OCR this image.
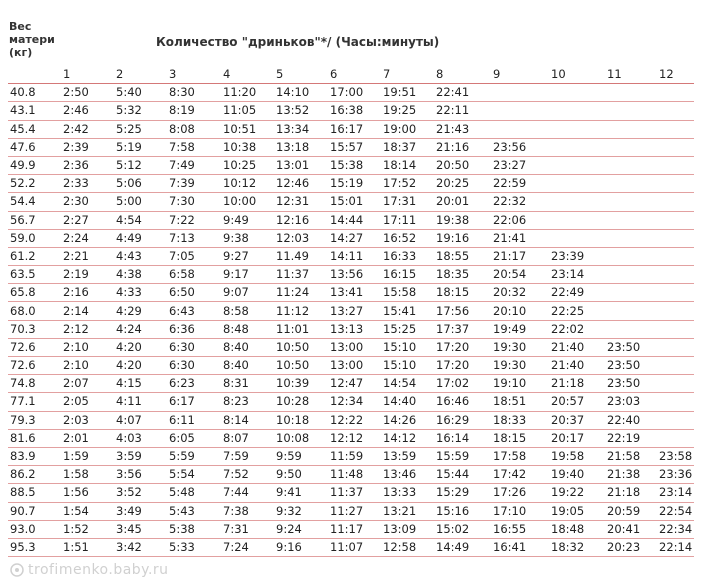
Вес
матери
(кг)
Количество "дриньков"*/ (Часы:минуты)
	1	2	3	4	5	6	7	8	9	10	11	12
40.8	2:50	5:40	8:30	11:20	14:10	17:00	19:51	22:41				
43.1	2:46	5:32	8:19	11:05	13:52	16:38	19:25	22:11				
45.4	2:42	5:25	8:08	10:51	13:34	16:17	19:00	21:43				
47.6	2:39	5:19	7:58	10:38	13:18	15:57	18:37	21:16	23:56			
49.9	2:36	5:12	7:49	10:25	13:01	15:38	18:14	20:50	23:27			
52.2	2:33	5:06	7:39	10:12	12:46	15:19	17:52	20:25	22:59			
54.4	2:30	5:00	7:30	10:00	12:31	15:01	17:31	20:01	22:32			
56.7	2:27	4:54	7:22	9:49	12:16	14:44	17:11	19:38	22:06			
59.0	2:24	4:49	7:13	9:38	12:03	14:27	16:52	19:16	21:41			
61.2	2:21	4:43	7:05	9:27	11.49	14:11	16:33	18:55	21:17	23:39		
63.5	2:19	4:38	6:58	9:17	11:37	13:56	16:15	18:35	20:54	23:14		
65.8	2:16	4:33	6:50	9:07	11:24	13:41	15:58	18:15	20:32	22:49		
68.0	2:14	4:29	6:43	8:58	11:12	13:27	15:41	17:56	20:10	22:25		
70.3	2:12	4:24	6:36	8:48	11:01	13:13	15:25	17:37	19:49	22:02		
72.6	2:10	4:20	6:30	8:40	10:50	13:00	15:10	17:20	19:30	21:40	23:50	
72.6	2:10	4:20	6:30	8:40	10:50	13:00	15:10	17:20	19:30	21:40	23:50	
74.8	2:07	4:15	6:23	8:31	10:39	12:47	14:54	17:02	19:10	21:18	23:50	
77.1	2:05	4:11	6:17	8:23	10:28	12:34	14:40	16:46	18:51	20:57	23:03	
79.3	2:03	4:07	6:11	8:14	10:18	12:22	14:26	16:29	18:33	20:37	22:40	
81.6	2:01	4:03	6:05	8:07	10:08	12:12	14:12	16:14	18:15	20:17	22:19	
83.9	1:59	3:59	5:59	7:59	9:59	11:59	13:59	15:59	17:58	19:58	21:58	23:58
86.2	1:58	3:56	5:54	7:52	9:50	11:48	13:46	15:44	17:42	19:40	21:38	23:36
88.5	1:56	3:52	5:48	7:44	9:41	11:37	13:33	15:29	17:26	19:22	21:18	23:14
90.7	1:54	3:49	5:43	7:38	9:32	11:27	13:21	15:16	17:10	19:05	20:59	22:54
93.0	1:52	3:45	5:38	7:31	9:24	11:17	13:09	15:02	16:55	18:48	20:41	22:34
95.3	1:51	3:42	5:33	7:24	9:16	11:07	12:58	14:49	16:41	18:32	20:23	22:14
trofimenko.baby.ru
